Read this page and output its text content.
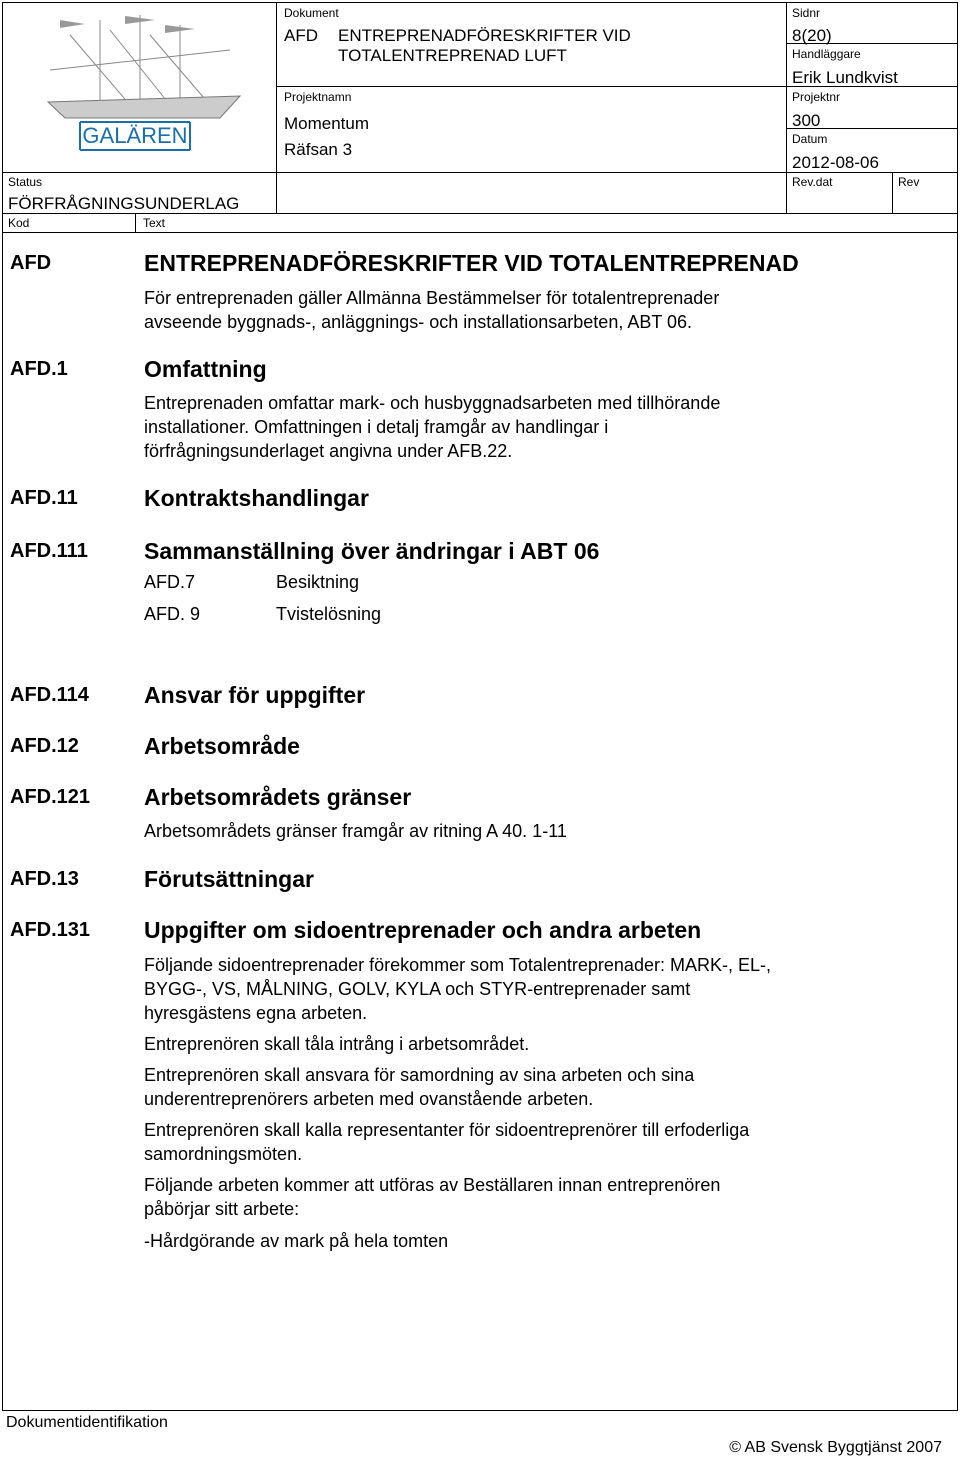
GALÄREN
Dokument
AFD ENTREPRENADFÖRESKRIFTER VID
TOTALENTREPRENAD LUFT
Sidnr
8(20)
Handläggare
Erik Lundkvist
Projektnamn
Momentum
Räfsan 3
Projektnr
300
Datum
2012-08-06
Status
FÖRFRÅGNINGSUNDERLAG
Rev.dat	Rev
Kod	Text
AFD	ENTREPRENADFÖRESKRIFTER VID TOTALENTREPRENAD
För entreprenaden gäller Allmänna Bestämmelser för totalentreprenader
avseende byggnads-, anläggnings- och installationsarbeten, ABT 06.
AFD.1	Omfattning
Entreprenaden omfattar mark- och husbyggnadsarbeten med tillhörande
installationer. Omfattningen i detalj framgår av handlingar i
förfrågningsunderlaget angivna under AFB.22.
AFD.11	Kontraktshandlingar
AFD.111 Sammanställning över ändringar i ABT 06
AFD.7	Besiktning
AFD. 9	Tvistelösning
AFD.114 Ansvar för uppgifter
AFD.12	Arbetsområde
AFD.121 Arbetsområdets gränser
Arbetsområdets gränser framgår av ritning A 40. 1-11
AFD.13	Förutsättningar
AFD.131 Uppgifter om sidoentreprenader och andra arbeten
Följande sidoentreprenader förekommer som Totalentreprenader: MARK-, EL-,
BYGG-, VS, MÅLNING, GOLV, KYLA och STYR-entreprenader samt
hyresgästens egna arbeten.
Entreprenören skall tåla intrång i arbetsområdet.
Entreprenören skall ansvara för samordning av sina arbeten och sina
underentreprenörers arbeten med ovanstående arbeten.
Entreprenören skall kalla representanter för sidoentreprenörer till erfoderliga
samordningsmöten.
Följande arbeten kommer att utföras av Beställaren innan entreprenören
påbörjar sitt arbete:
-Hårdgörande av mark på hela tomten
Dokumentidentifikation
© AB Svensk Byggtjänst 2007
